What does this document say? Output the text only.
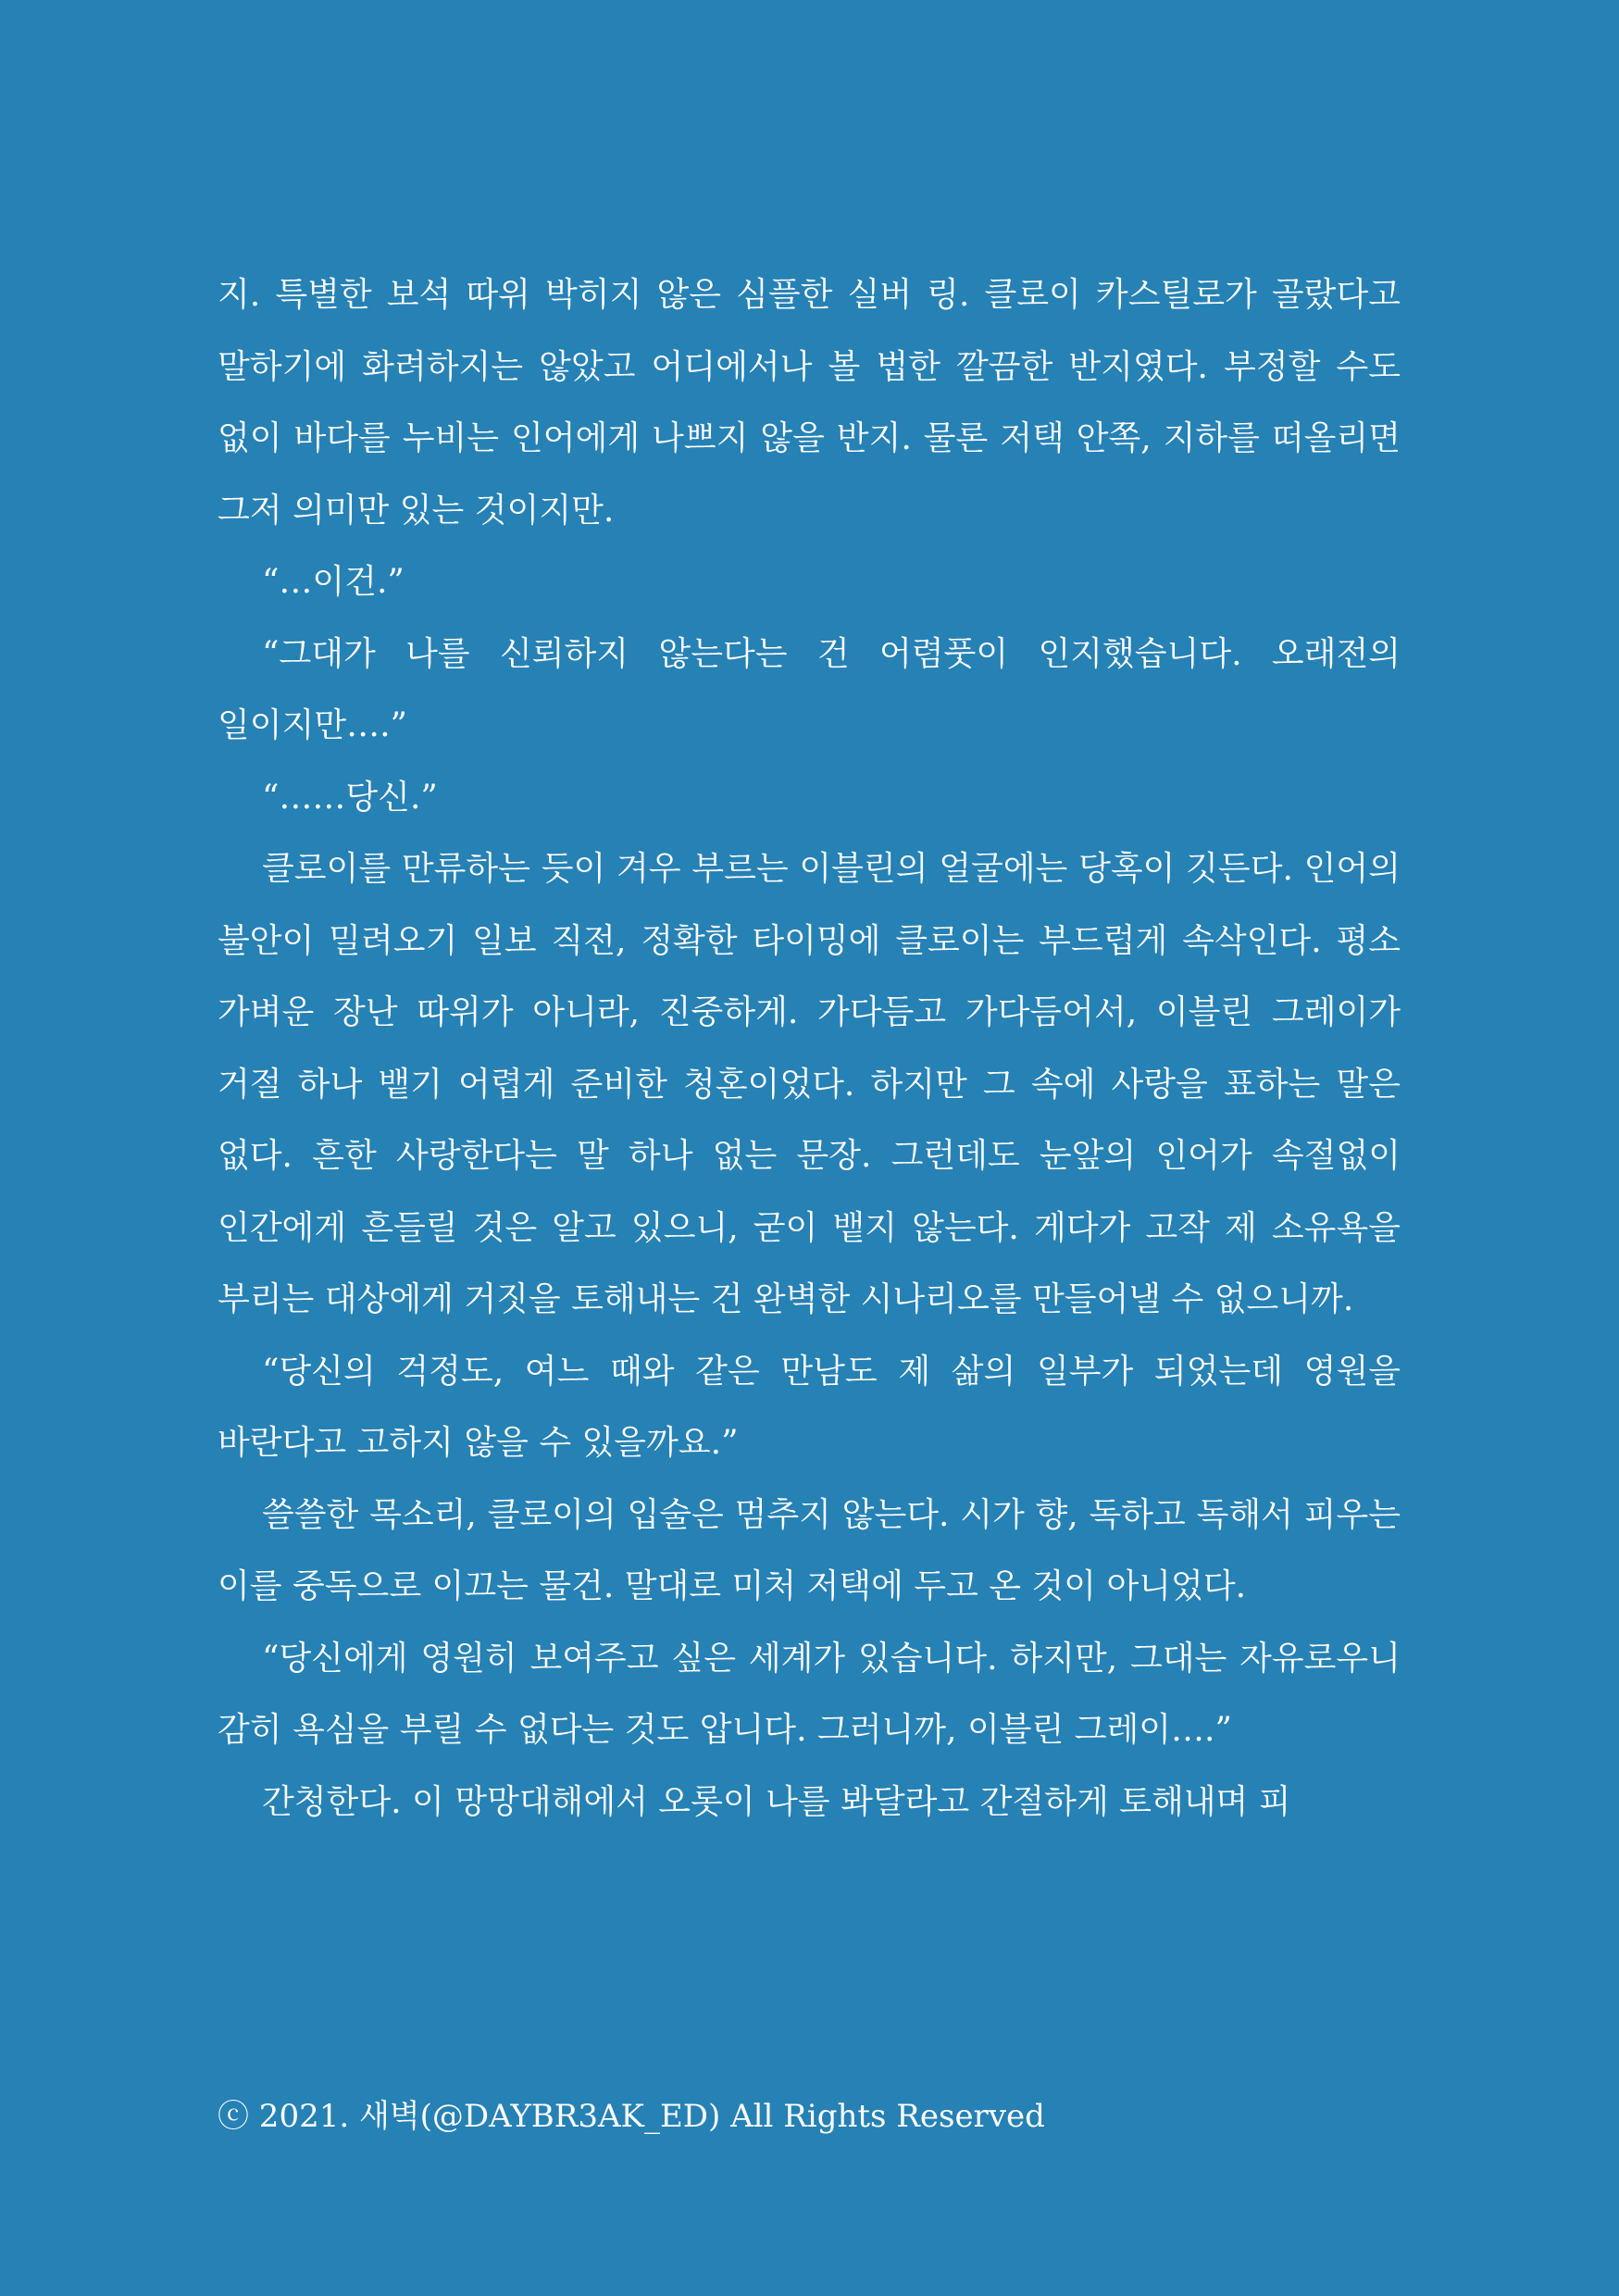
지. 특별한 보석 따위 박히지 않은 심플한 실버 링. 클로이 카스틸로가 골랐다고 말하기에 화려하지는 않았고 어디에서나 볼 법한 깔끔한 반지였다. 부정할 수도 없이 바다를 누비는 인어에게 나쁘지 않을 반지. 물론 저택 안쪽, 지하를 떠올리면 그저 의미만 있는 것이지만.

“…이건.”

“그대가 나를 신뢰하지 않는다는 건 어렴풋이 인지했습니다. 오래전의 일이지만….”

“……당신.”

클로이를 만류하는 듯이 겨우 부르는 이블린의 얼굴에는 당혹이 깃든다. 인어의 불안이 밀려오기 일보 직전, 정확한 타이밍에 클로이는 부드럽게 속삭인다. 평소 가벼운 장난 따위가 아니라, 진중하게. 가다듬고 가다듬어서, 이블린 그레이가 거절 하나 뱉기 어렵게 준비한 청혼이었다. 하지만 그 속에 사랑을 표하는 말은 없다. 흔한 사랑한다는 말 하나 없는 문장. 그런데도 눈앞의 인어가 속절없이 인간에게 흔들릴 것은 알고 있으니, 굳이 뱉지 않는다. 게다가 고작 제 소유욕을 부리는 대상에게 거짓을 토해내는 건 완벽한 시나리오를 만들어낼 수 없으니까.

“당신의 걱정도, 여느 때와 같은 만남도 제 삶의 일부가 되었는데 영원을 바란다고 고하지 않을 수 있을까요.”

쓸쓸한 목소리, 클로이의 입술은 멈추지 않는다. 시가 향, 독하고 독해서 피우는 이를 중독으로 이끄는 물건. 말대로 미처 저택에 두고 온 것이 아니었다.

“당신에게 영원히 보여주고 싶은 세계가 있습니다. 하지만, 그대는 자유로우니 감히 욕심을 부릴 수 없다는 것도 압니다. 그러니까, 이블린 그레이….”

간청한다. 이 망망대해에서 오롯이 나를 봐달라고 간절하게 토해내며 피

ⓒ 2021. 새벽(@DAYBR3AK_ED) All Rights Reserved
